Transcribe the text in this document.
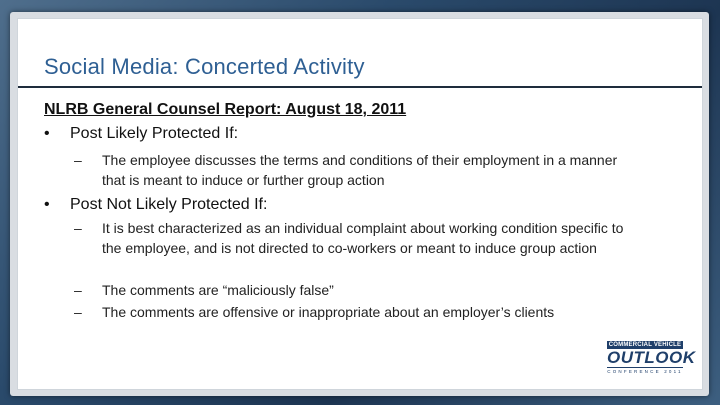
Social Media: Concerted Activity
NLRB General Counsel Report: August 18, 2011
•	Post Likely Protected If:
– The employee discusses the terms and conditions of their employment in a manner that is meant to induce or further group action
•	Post Not Likely Protected If:
– It is best characterized as an individual complaint about working condition specific to the employee, and is not directed to co-workers or meant to induce group action
– The comments are “maliciously false”
– The comments are offensive or inappropriate about an employer’s clients
COMMERCIAL VEHICLE
OUTLOOK
CONFERENCE 2011
